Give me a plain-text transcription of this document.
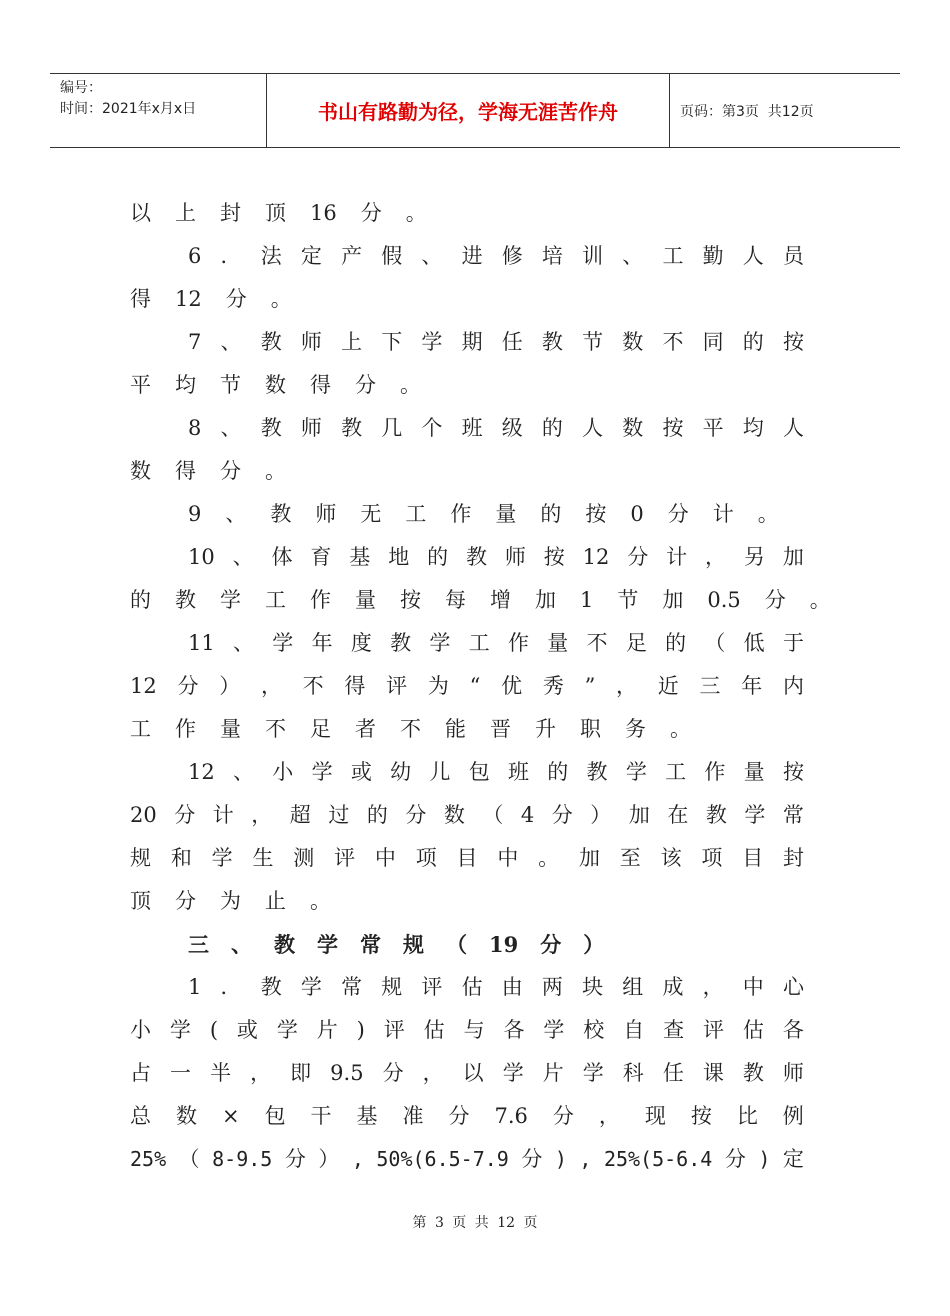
编号：
时间：2021年x月x日	书山有路勤为径，学海无涯苦作舟	页码：第3页  共12页
以 上 封 顶 16 分 。
6 ． 法 定 产 假 、 进 修 培 训 、 工 勤 人 员
得 12 分 。
7 、 教 师 上 下 学 期 任 教 节 数 不 同 的 按
平 均 节 数 得 分 。
8 、 教 师 教 几 个 班 级 的 人 数 按 平 均 人
数 得 分 。
9 、 教 师 无 工 作 量 的 按 0 分 计 。
10 、 体 育 基 地 的 教 师 按 12 分 计 ， 另 加
的 教 学 工 作 量 按 每 增 加 1 节 加 0.5 分 。
11 、 学 年 度 教 学 工 作 量 不 足 的 （ 低 于
12 分 ） ， 不 得 评 为 “ 优 秀 ” ， 近 三 年 内
工 作 量 不 足 者 不 能 晋 升 职 务 。
12 、 小 学 或 幼 儿 包 班 的 教 学 工 作 量 按
20 分 计 ， 超 过 的 分 数 （ 4 分 ） 加 在 教 学 常
规 和 学 生 测 评 中 项 目 中 。 加 至 该 项 目 封
顶 分 为 止 。
三 、 教 学 常 规 （ 19 分 ）
1 ． 教 学 常 规 评 估 由 两 块 组 成 ， 中 心
小 学 ( 或 学 片 ) 评 估 与 各 学 校 自 查 评 估 各
占 一 半 ， 即 9.5 分 ， 以 学 片 学 科 任 课 教 师
总 数 × 包 干 基 准 分 7.6 分 ， 现 按 比 例
25% （ 8-9.5 分 ） , 50%(6.5-7.9 分 ) , 25%(5-6.4 分 ) 定
第 3 页 共 12 页
